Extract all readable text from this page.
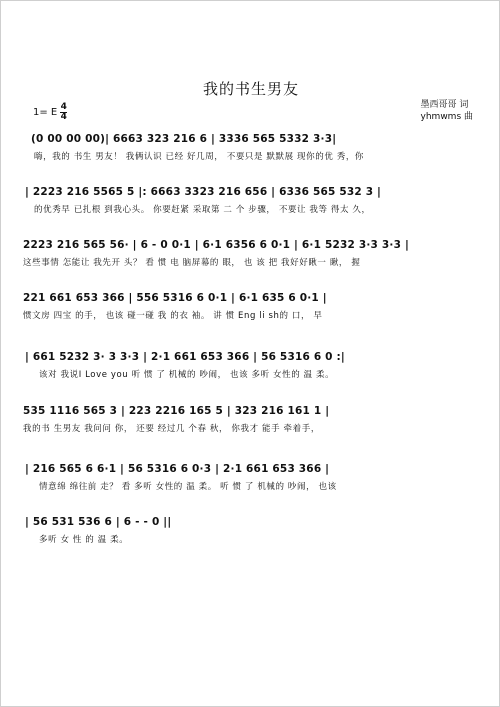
我的书生男友
1= E $\frac{4}{4}$	墨西哥哥 词
yhmwms 曲
(0 00 00 00)| 6663 323 216 6 | 3336 565 5332 3·3|
嗨，我的 书生 男友！ 我俩认识 已经 好几周， 不要只是 默默展 现你的优 秀，你
| 2223 216 5565 5 |: 6663 3323 216 656 | 6336 565 532 3 |
的优秀早 已扎根 到我心头。 你要赶紧 采取第 二 个 步骤， 不要让 我等 得太 久，
2223 216 565 56· | 6 - 0 0·1 | 6·1 6356 6 0·1 | 6·1 5232 3·3 3·3 |
这些事情 怎能让 我先开 头？ 看 惯 电 脑屏幕的 眼， 也 该 把 我好好瞅一 瞅， 握
221 661 653 366 | 556 5316 6 0·1 | 6·1 635 6 0·1 |
惯文房 四宝 的手， 也该 碰一碰 我 的衣 袖。 讲 惯 Eng li sh的 口， 早
| 661 5232 3· 3 3·3 | 2·1 661 653 366 | 56 5316 6 0 :|
该对 我说I Love you 听 惯 了 机械的 吵闹， 也该 多听 女性的 温 柔。
535 1116 565 3 | 223 2216 165 5 | 323 216 161 1 |
我的书 生男友 我问问 你， 还要 经过几 个春 秋， 你我才 能手 牵着手，
| 216 565 6 6·1 | 56 5316 6 0·3 | 2·1 661 653 366 |
情意绵 绵往前 走？ 看 多听 女性的 温 柔。 听 惯 了 机械的 吵闹， 也该
| 56 531 536 6 | 6 - - 0 ||
多听 女 性 的 温 柔。
